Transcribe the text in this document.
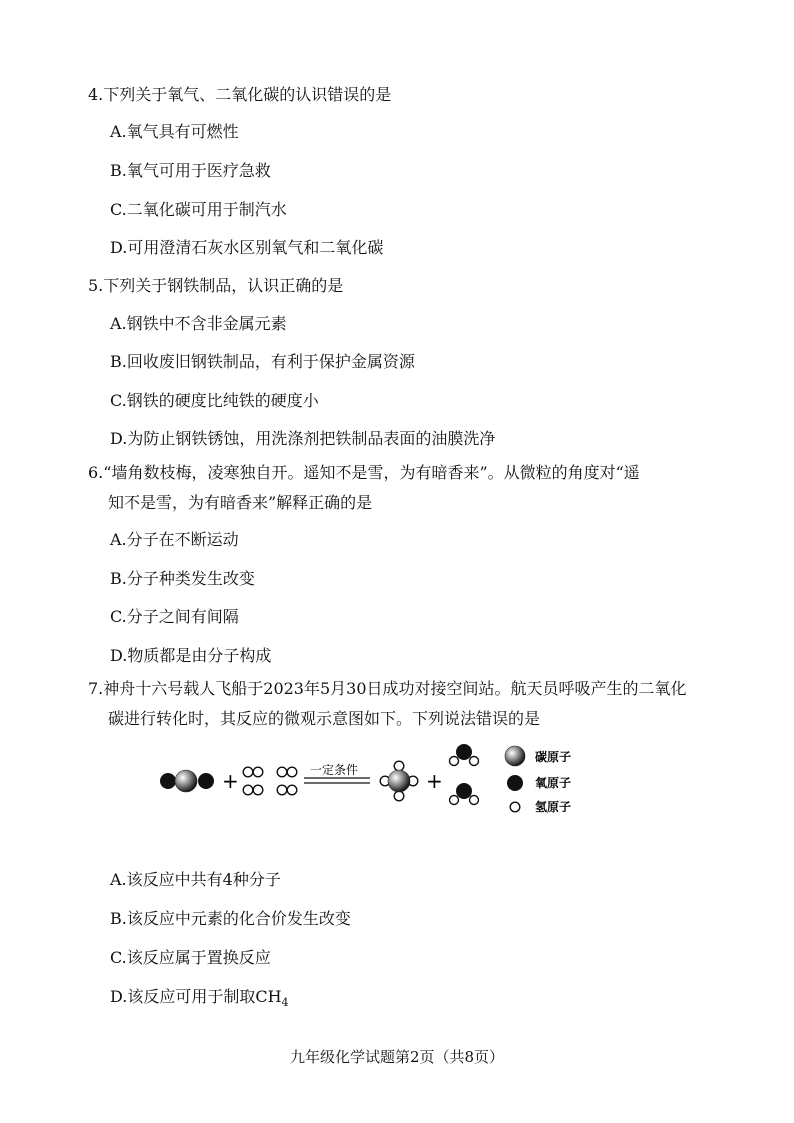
4.下列关于氧气、二氧化碳的认识错误的是
A.氧气具有可燃性
B.氧气可用于医疗急救
C.二氧化碳可用于制汽水
D.可用澄清石灰水区别氧气和二氧化碳
5.下列关于钢铁制品，认识正确的是
A.钢铁中不含非金属元素
B.回收废旧钢铁制品，有利于保护金属资源
C.钢铁的硬度比纯铁的硬度小
D.为防止钢铁锈蚀，用洗涤剂把铁制品表面的油膜洗净
6.“墙角数枝梅，凌寒独自开。遥知不是雪，为有暗香来”。从微粒的角度对“遥
知不是雪，为有暗香来”解释正确的是
A.分子在不断运动
B.分子种类发生改变
C.分子之间有间隔
D.物质都是由分子构成
7.神舟十六号载人飞船于2023年5月30日成功对接空间站。航天员呼吸产生的二氧化
碳进行转化时，其反应的微观示意图如下。下列说法错误的是
+	一定条件	+
碳原子
氧原子
氢原子
A.该反应中共有4种分子
B.该反应中元素的化合价发生改变
C.该反应属于置换反应
D.该反应可用于制取$CH_4$
九年级化学试题第2页（共8页）
